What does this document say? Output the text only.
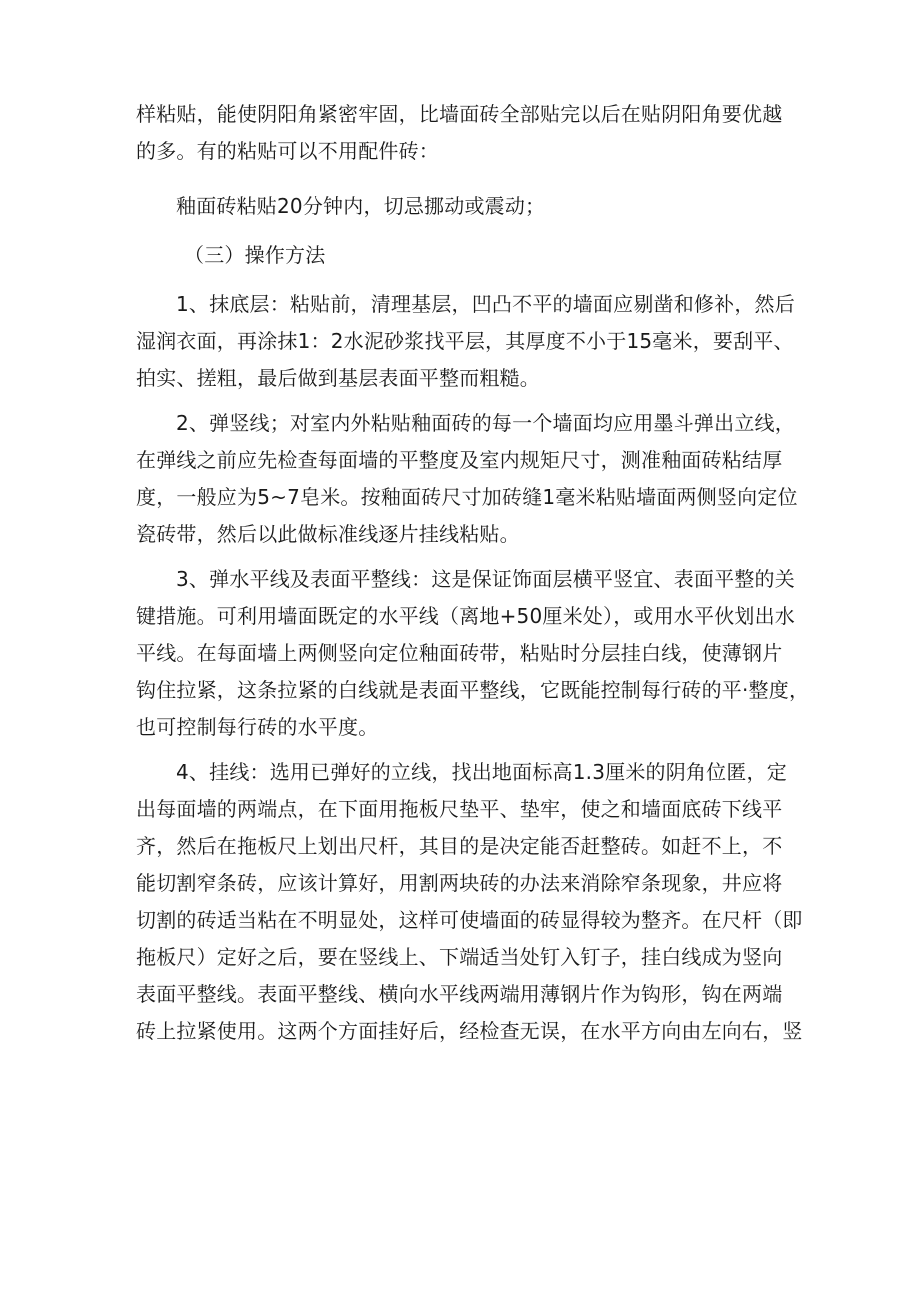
样粘贴，能使阴阳角紧密牢固，比墙面砖全部贴完以后在贴阴阳角要优越
的多。有的粘贴可以不用配件砖：

釉面砖粘贴20分钟内，切忌挪动或震动；

（三）操作方法

1、抹底层：粘贴前，清理基层，凹凸不平的墙面应剔凿和修补，然后
湿润衣面，再涂抹1：2水泥砂浆找平层，其厚度不小于15毫米，要刮平、
拍实、搓粗，最后做到基层表面平整而粗糙。

2、弹竖线；对室内外粘贴釉面砖的每一个墙面均应用墨斗弹出立线，
在弹线之前应先检查每面墙的平整度及室内规矩尺寸，测准釉面砖粘结厚
度，一般应为5~7皂米。按釉面砖尺寸加砖缝1毫米粘贴墙面两侧竖向定位
瓷砖带，然后以此做标准线逐片挂线粘贴。

3、弹水平线及表面平整线：这是保证饰面层横平竖宜、表面平整的关
键措施。可利用墙面既定的水平线（离地+50厘米处），或用水平伙划出水
平线。在每面墙上两侧竖向定位釉面砖带，粘贴时分层挂白线，使薄钢片
钩住拉紧，这条拉紧的白线就是表面平整线，它既能控制每行砖的平·整度，
也可控制每行砖的水平度。

4、挂线：选用已弹好的立线，找出地面标高1.3厘米的阴角位匿，定
出每面墙的两端点，在下面用拖板尺垫平、垫牢，使之和墙面底砖下线平
齐，然后在拖板尺上划出尺杆，其目的是决定能否赶整砖。如赶不上，不
能切割窄条砖，应该计算好，用割两块砖的办法来消除窄条现象，井应将
切割的砖适当粘在不明显处，这样可使墙面的砖显得较为整齐。在尺杆（即
拖板尺）定好之后，要在竖线上、下端适当处钉入钉子，挂白线成为竖向
表面平整线。表面平整线、横向水平线两端用薄钢片作为钩形，钩在两端
砖上拉紧使用。这两个方面挂好后，经检查无误，在水平方向由左向右，竖
